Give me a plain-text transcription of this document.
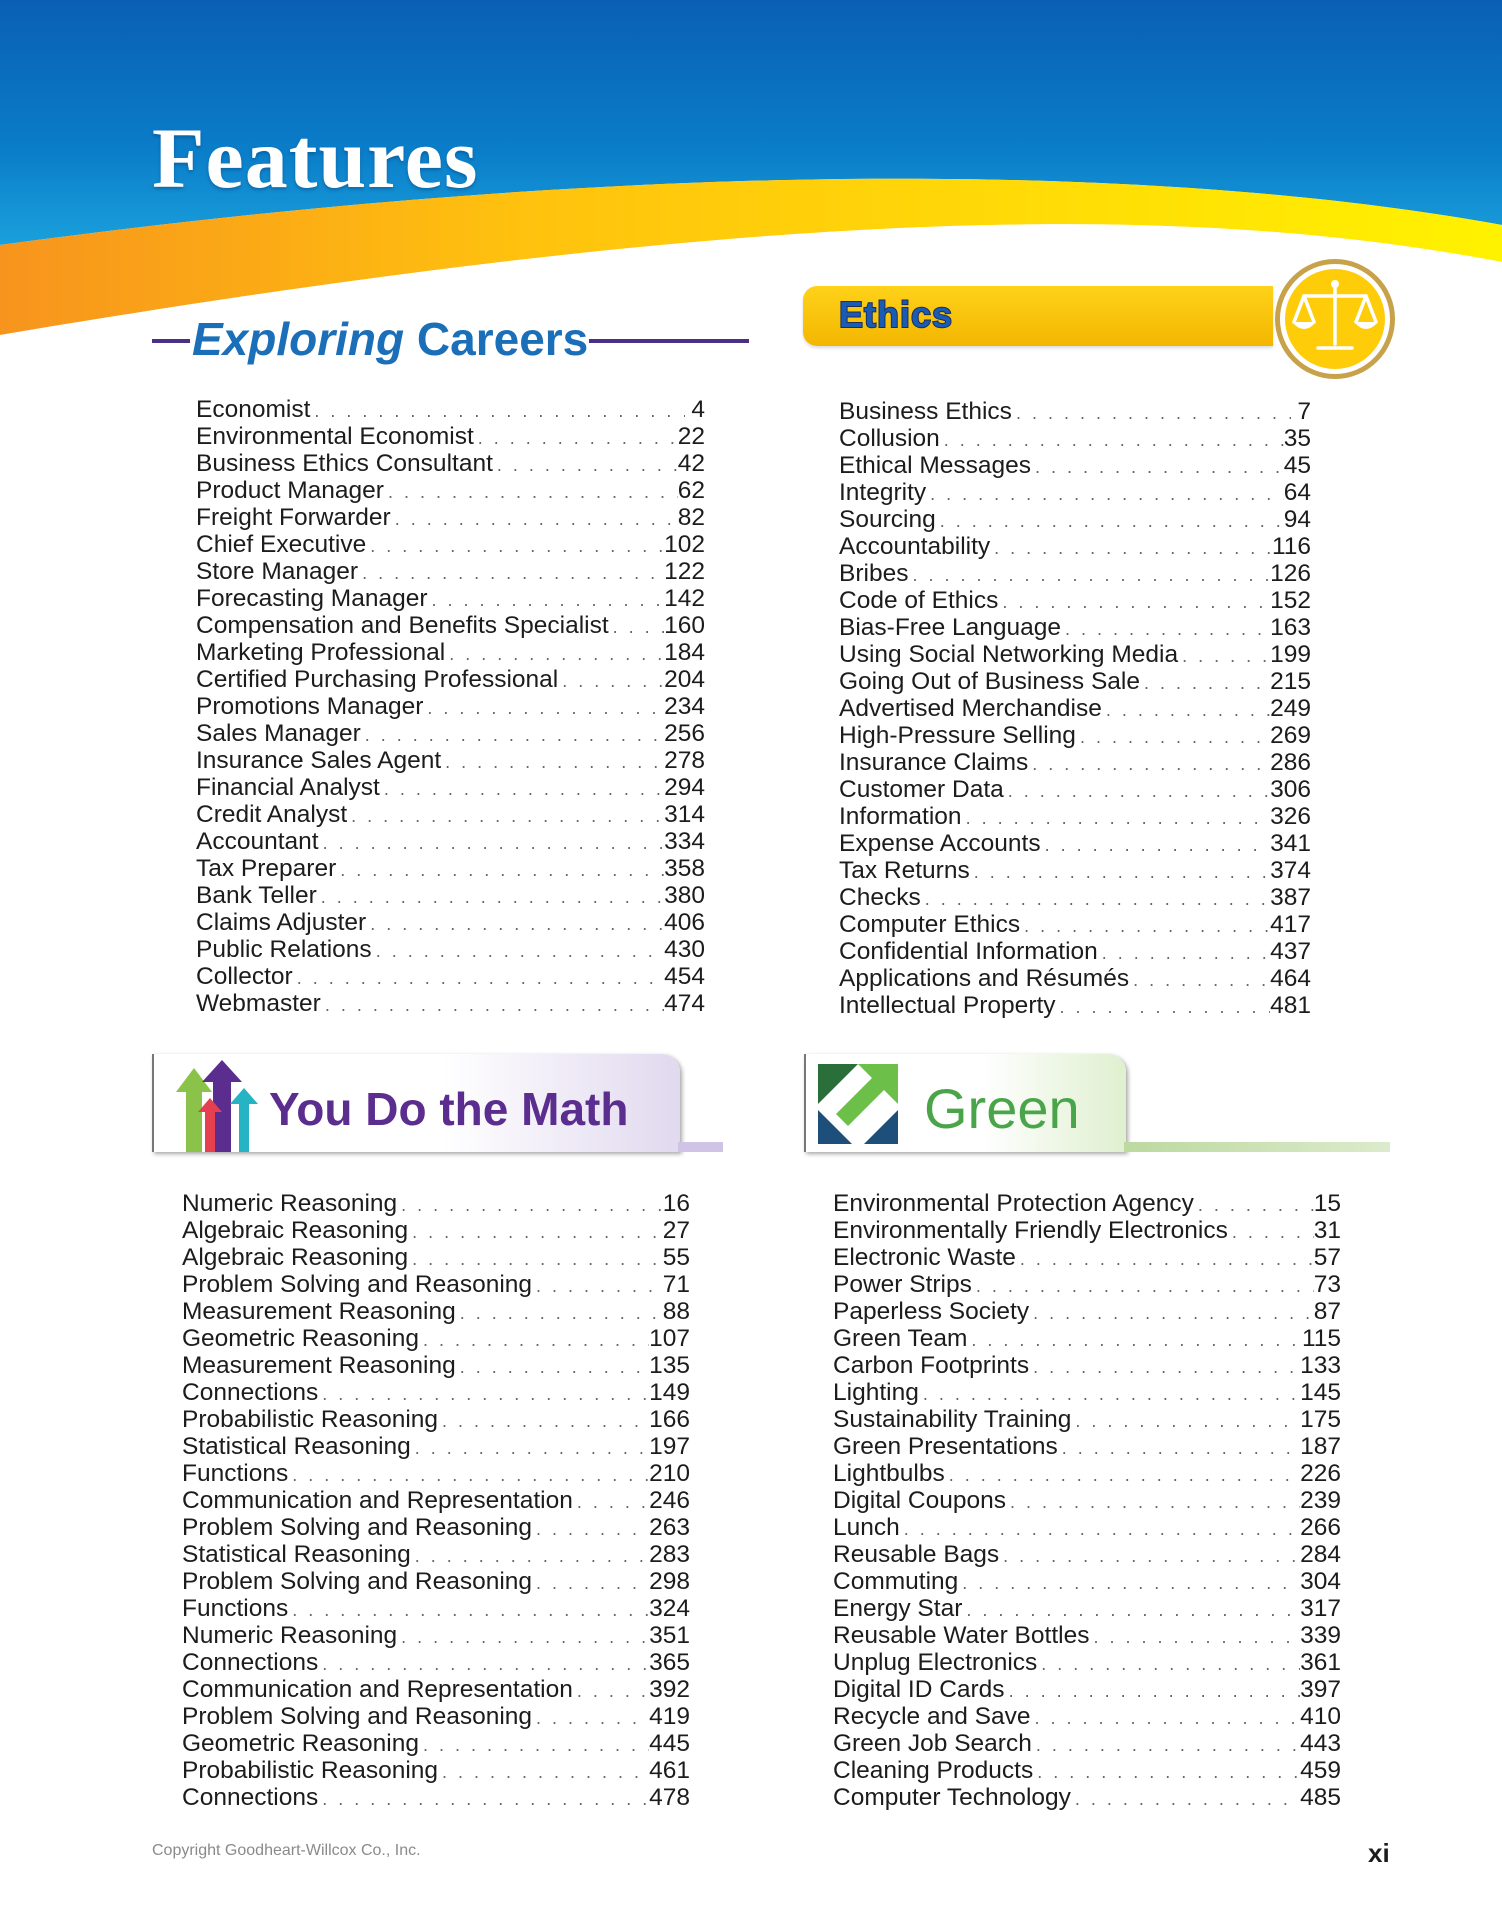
Features
Exploring Careers	Ethics
Economist . . .	4
Environmental Economist . . .	22
Business Ethics Consultant . . .	42
Product Manager . . .	62
Freight Forwarder . . .	82
Chief Executive . . .	102
Store Manager . . .	122
Forecasting Manager . . .	142
Compensation and Benefits Specialist . . . 160
Marketing Professional . . .	184
Certified Purchasing Professional . . .	204
Promotions Manager . . .	234
Sales Manager . . .	256
Insurance Sales Agent . . .	278
Financial Analyst . . .	294
Credit Analyst . . .	314
Accountant . . .	334
Tax Preparer . . .	358
Bank Teller . . .	380
Claims Adjuster . . .	406
Public Relations . . .	430
Collector . . .	454
Webmaster . . .	474
Business Ethics . . .	7
Collusion . . .	35
Ethical Messages . . .	45
Integrity . . .	64
Sourcing . . .	94
Accountability . . .	116
Bribes . . .	126
Code of Ethics . . .	152
Bias-Free Language . . .	163
Using Social Networking Media . . .	199
Going Out of Business Sale . . .	215
Advertised Merchandise . . .	249
High-Pressure Selling . . .	269
Insurance Claims . . .	286
Customer Data . . .	306
Information . . .	326
Expense Accounts . . .	341
Tax Returns . . .	374
Checks . . .	387
Computer Ethics . . .	417
Confidential Information . . .	437
Applications and Résumés . . .	464
Intellectual Property . . .	481
You Do the Math	Green
Numeric Reasoning . . .	16
Algebraic Reasoning . . .	27
Algebraic Reasoning . . .	55
Problem Solving and Reasoning . . .	71
Measurement Reasoning . . .	88
Geometric Reasoning . . .	107
Measurement Reasoning . . .	135
Connections . . .	149
Probabilistic Reasoning . . .	166
Statistical Reasoning . . .	197
Functions . . .	210
Communication and Representation . . .	246
Problem Solving and Reasoning . . .	263
Statistical Reasoning . . .	283
Problem Solving and Reasoning . . .	298
Functions . . .	324
Numeric Reasoning . . .	351
Connections . . .	365
Communication and Representation . . .	392
Problem Solving and Reasoning . . .	419
Geometric Reasoning . . .	445
Probabilistic Reasoning . . .	461
Connections . . .	478
Environmental Protection Agency . . .	15
Environmentally Friendly Electronics . . .	31
Electronic Waste . . .	57
Power Strips . . .	73
Paperless Society . . .	87
Green Team . . .	115
Carbon Footprints . . .	133
Lighting . . .	145
Sustainability Training . . .	175
Green Presentations . . .	187
Lightbulbs . . .	226
Digital Coupons . . .	239
Lunch . . .	266
Reusable Bags . . .	284
Commuting . . .	304
Energy Star . . .	317
Reusable Water Bottles . . .	339
Unplug Electronics . . .	361
Digital ID Cards . . .	397
Recycle and Save . . .	410
Green Job Search . . .	443
Cleaning Products . . .	459
Computer Technology . . .	485
Copyright Goodheart-Willcox Co., Inc.	xi
